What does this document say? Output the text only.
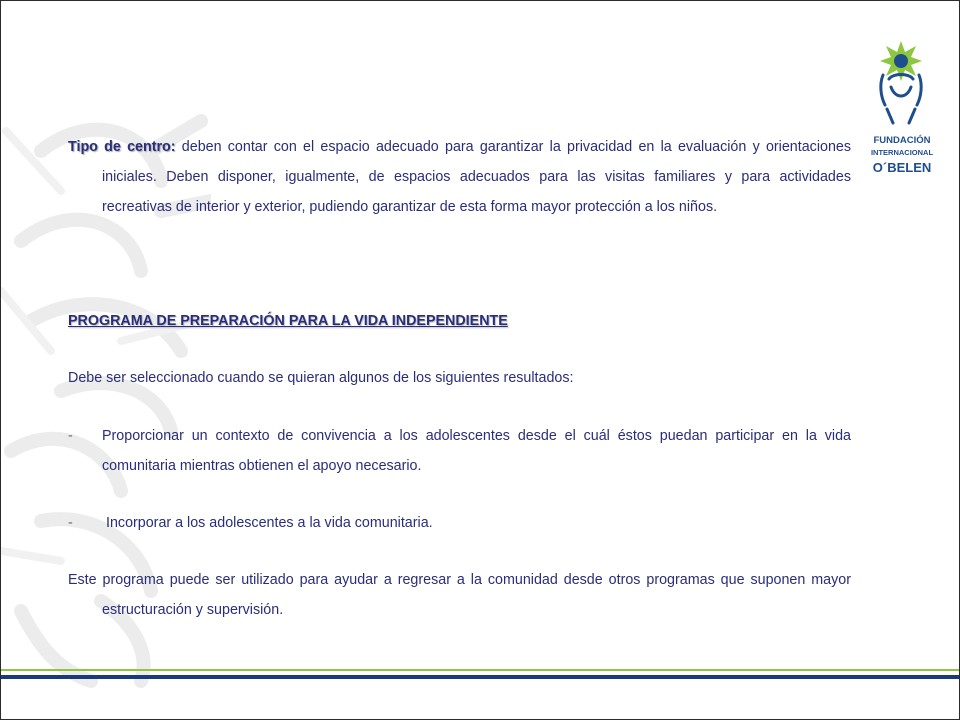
FUNDACIÓN
INTERNACIONAL
O´BELEN

Tipo de centro: deben contar con el espacio adecuado para garantizar la privacidad en la evaluación y orientaciones iniciales. Deben disponer, igualmente, de espacios adecuados para las visitas familiares y para actividades recreativas de interior y exterior, pudiendo garantizar de esta forma mayor protección a los niños.

PROGRAMA DE PREPARACIÓN PARA LA VIDA INDEPENDIENTE

Debe ser seleccionado cuando se quieran algunos de los siguientes resultados:

- Proporcionar un contexto de convivencia a los adolescentes desde el cuál éstos puedan participar en la vida comunitaria mientras obtienen el apoyo necesario.

- Incorporar a los adolescentes a la vida comunitaria.

Este programa puede ser utilizado para ayudar a regresar a la comunidad desde otros programas que suponen mayor estructuración y supervisión.
